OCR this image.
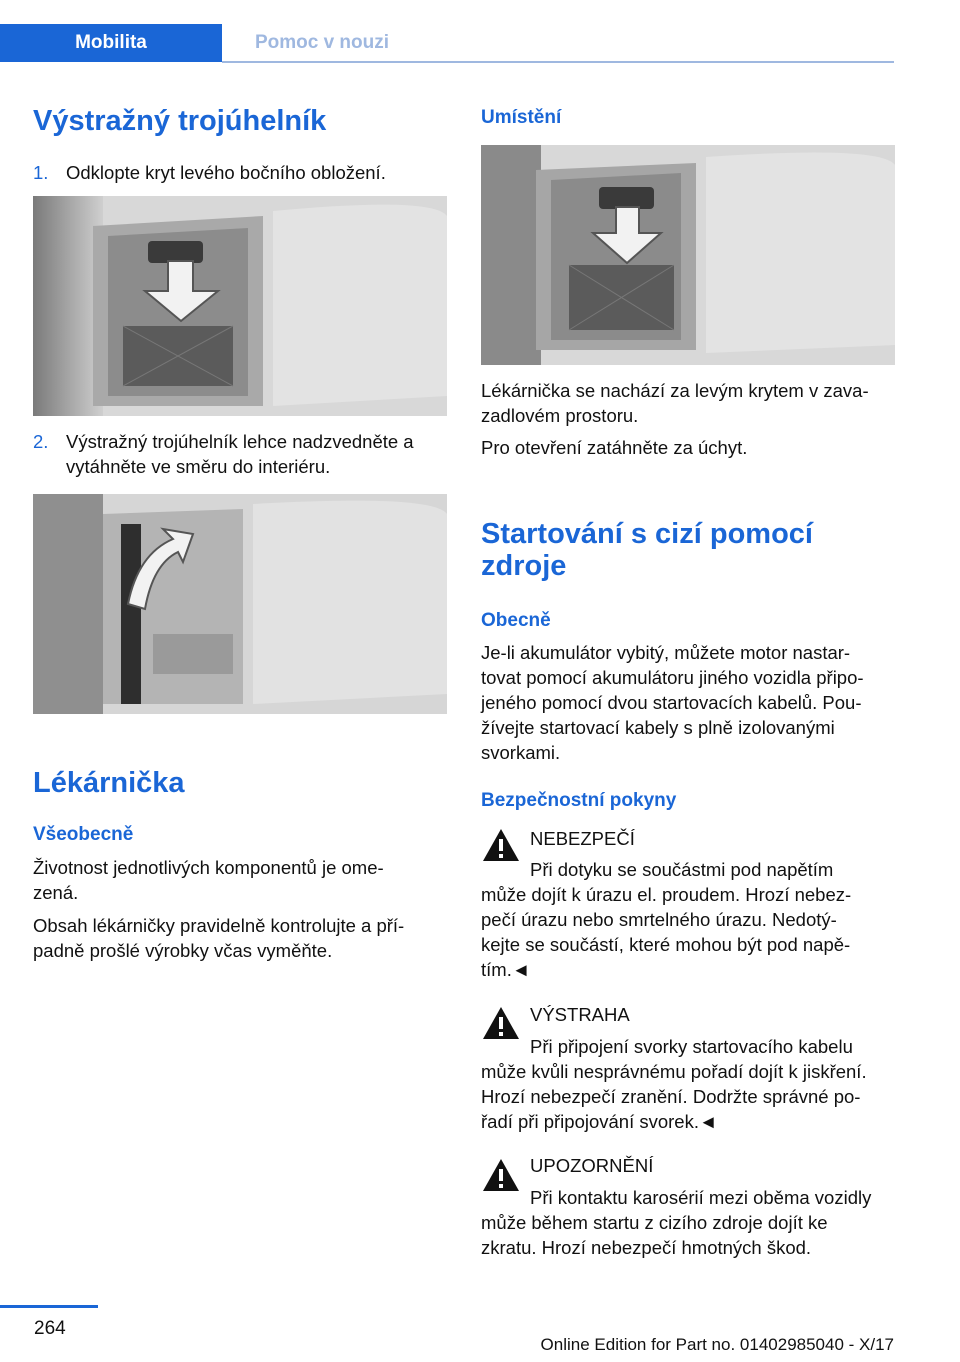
Mobilita	Pomoc v nouzi
Výstražný trojúhelník
1. Odklopte kryt levého bočního obložení.

2. Výstražný trojúhelník lehce nadzvedněte a

vytáhněte ve směru do interiéru.

Lékárnička
Všeobecně

Životnost jednotlivých komponentů je ome‐

zená.

Obsah lékárničky pravidelně kontrolujte a pří‐

padně prošlé výrobky včas vyměňte.

Umístění

Lékárnička se nachází za levým krytem v zava‐

zadlovém prostoru.

Pro otevření zatáhněte za úchyt.

Startování s cizí pomocí
zdroje
Obecně

Je-li akumulátor vybitý, můžete motor nastar‐

tovat pomocí akumulátoru jiného vozidla připo‐

jeného pomocí dvou startovacích kabelů. Pou‐

žívejte startovací kabely s plně izolovanými

svorkami.

Bezpečnostní pokyny
NEBEZPEČÍ

Při dotyku se součástmi pod napětím

může dojít k úrazu el. proudem. Hrozí nebez‐

pečí úrazu nebo smrtelného úrazu. Nedotý‐

kejte se součástí, které mohou být pod napě‐

tím.◄

VÝSTRAHA

Při připojení svorky startovacího kabelu

může kvůli nesprávnému pořadí dojít k jiskření.

Hrozí nebezpečí zranění. Dodržte správné po‐

řadí při připojování svorek.◄

UPOZORNĚNÍ

Při kontaktu karosérií mezi oběma vozidly

může během startu z cizího zdroje dojít ke

zkratu. Hrozí nebezpečí hmotných škod.

264
Online Edition for Part no. 01402985040 - X/17
